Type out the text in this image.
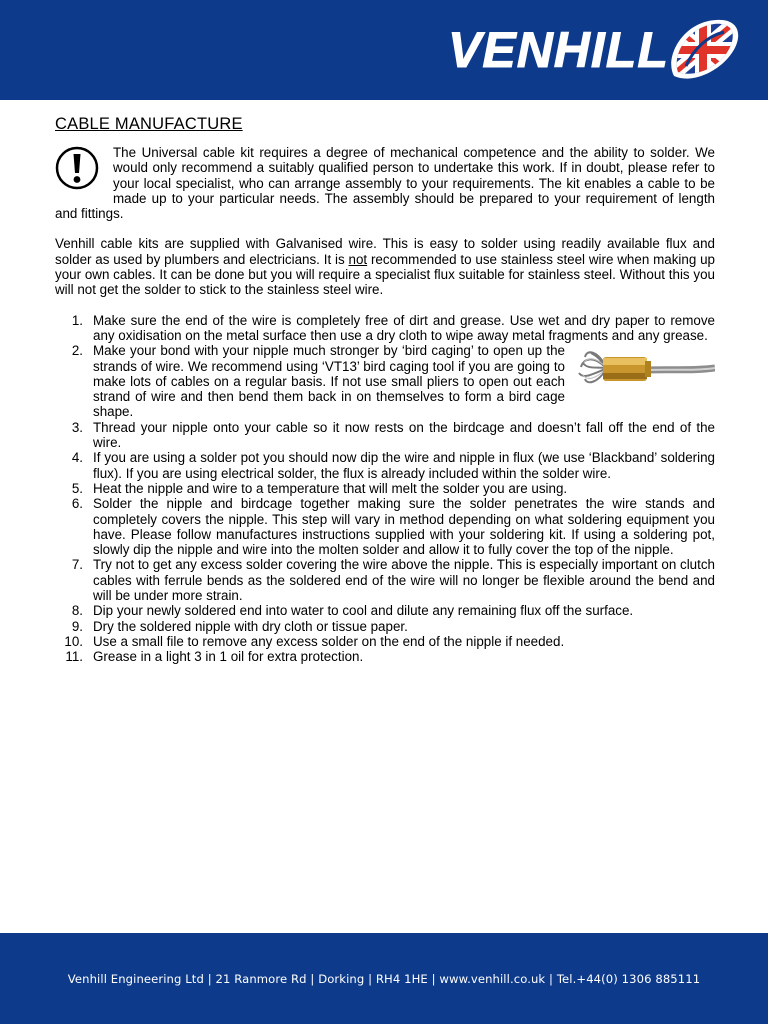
VENHILL
CABLE MANUFACTURE

The Universal cable kit requires a degree of mechanical competence and the ability to solder. We would only recommend a suitably qualified person to undertake this work. If in doubt, please refer to your local specialist, who can arrange assembly to your requirements. The kit enables a cable to be made up to your particular needs. The assembly should be prepared to your requirement of length and fittings.

Venhill cable kits are supplied with Galvanised wire. This is easy to solder using readily available flux and solder as used by plumbers and electricians. It is not recommended to use stainless steel wire when making up your own cables. It can be done but you will require a specialist flux suitable for stainless steel. Without this you will not get the solder to stick to the stainless steel wire.

1. Make sure the end of the wire is completely free of dirt and grease. Use wet and dry paper to remove any oxidisation on the metal surface then use a dry cloth to wipe away metal fragments and any grease.
2. Make your bond with your nipple much stronger by ‘bird caging’ to open up the strands of wire. We recommend using ‘VT13’ bird caging tool if you are going to make lots of cables on a regular basis. If not use small pliers to open out each strand of wire and then bend them back in on themselves to form a bird cage shape.
3. Thread your nipple onto your cable so it now rests on the birdcage and doesn’t fall off the end of the wire.
4. If you are using a solder pot you should now dip the wire and nipple in flux (we use ‘Blackband’ soldering flux). If you are using electrical solder, the flux is already included within the solder wire.
5. Heat the nipple and wire to a temperature that will melt the solder you are using.
6. Solder the nipple and birdcage together making sure the solder penetrates the wire stands and completely covers the nipple. This step will vary in method depending on what soldering equipment you have. Please follow manufactures instructions supplied with your soldering kit. If using a soldering pot, slowly dip the nipple and wire into the molten solder and allow it to fully cover the top of the nipple.
7. Try not to get any excess solder covering the wire above the nipple. This is especially important on clutch cables with ferrule bends as the soldered end of the wire will no longer be flexible around the bend and will be under more strain.
8. Dip your newly soldered end into water to cool and dilute any remaining flux off the surface.
9. Dry the soldered nipple with dry cloth or tissue paper.
10. Use a small file to remove any excess solder on the end of the nipple if needed.
11. Grease in a light 3 in 1 oil for extra protection.
Venhill Engineering Ltd | 21 Ranmore Rd | Dorking | RH4 1HE | www.venhill.co.uk | Tel.+44(0) 1306 885111
